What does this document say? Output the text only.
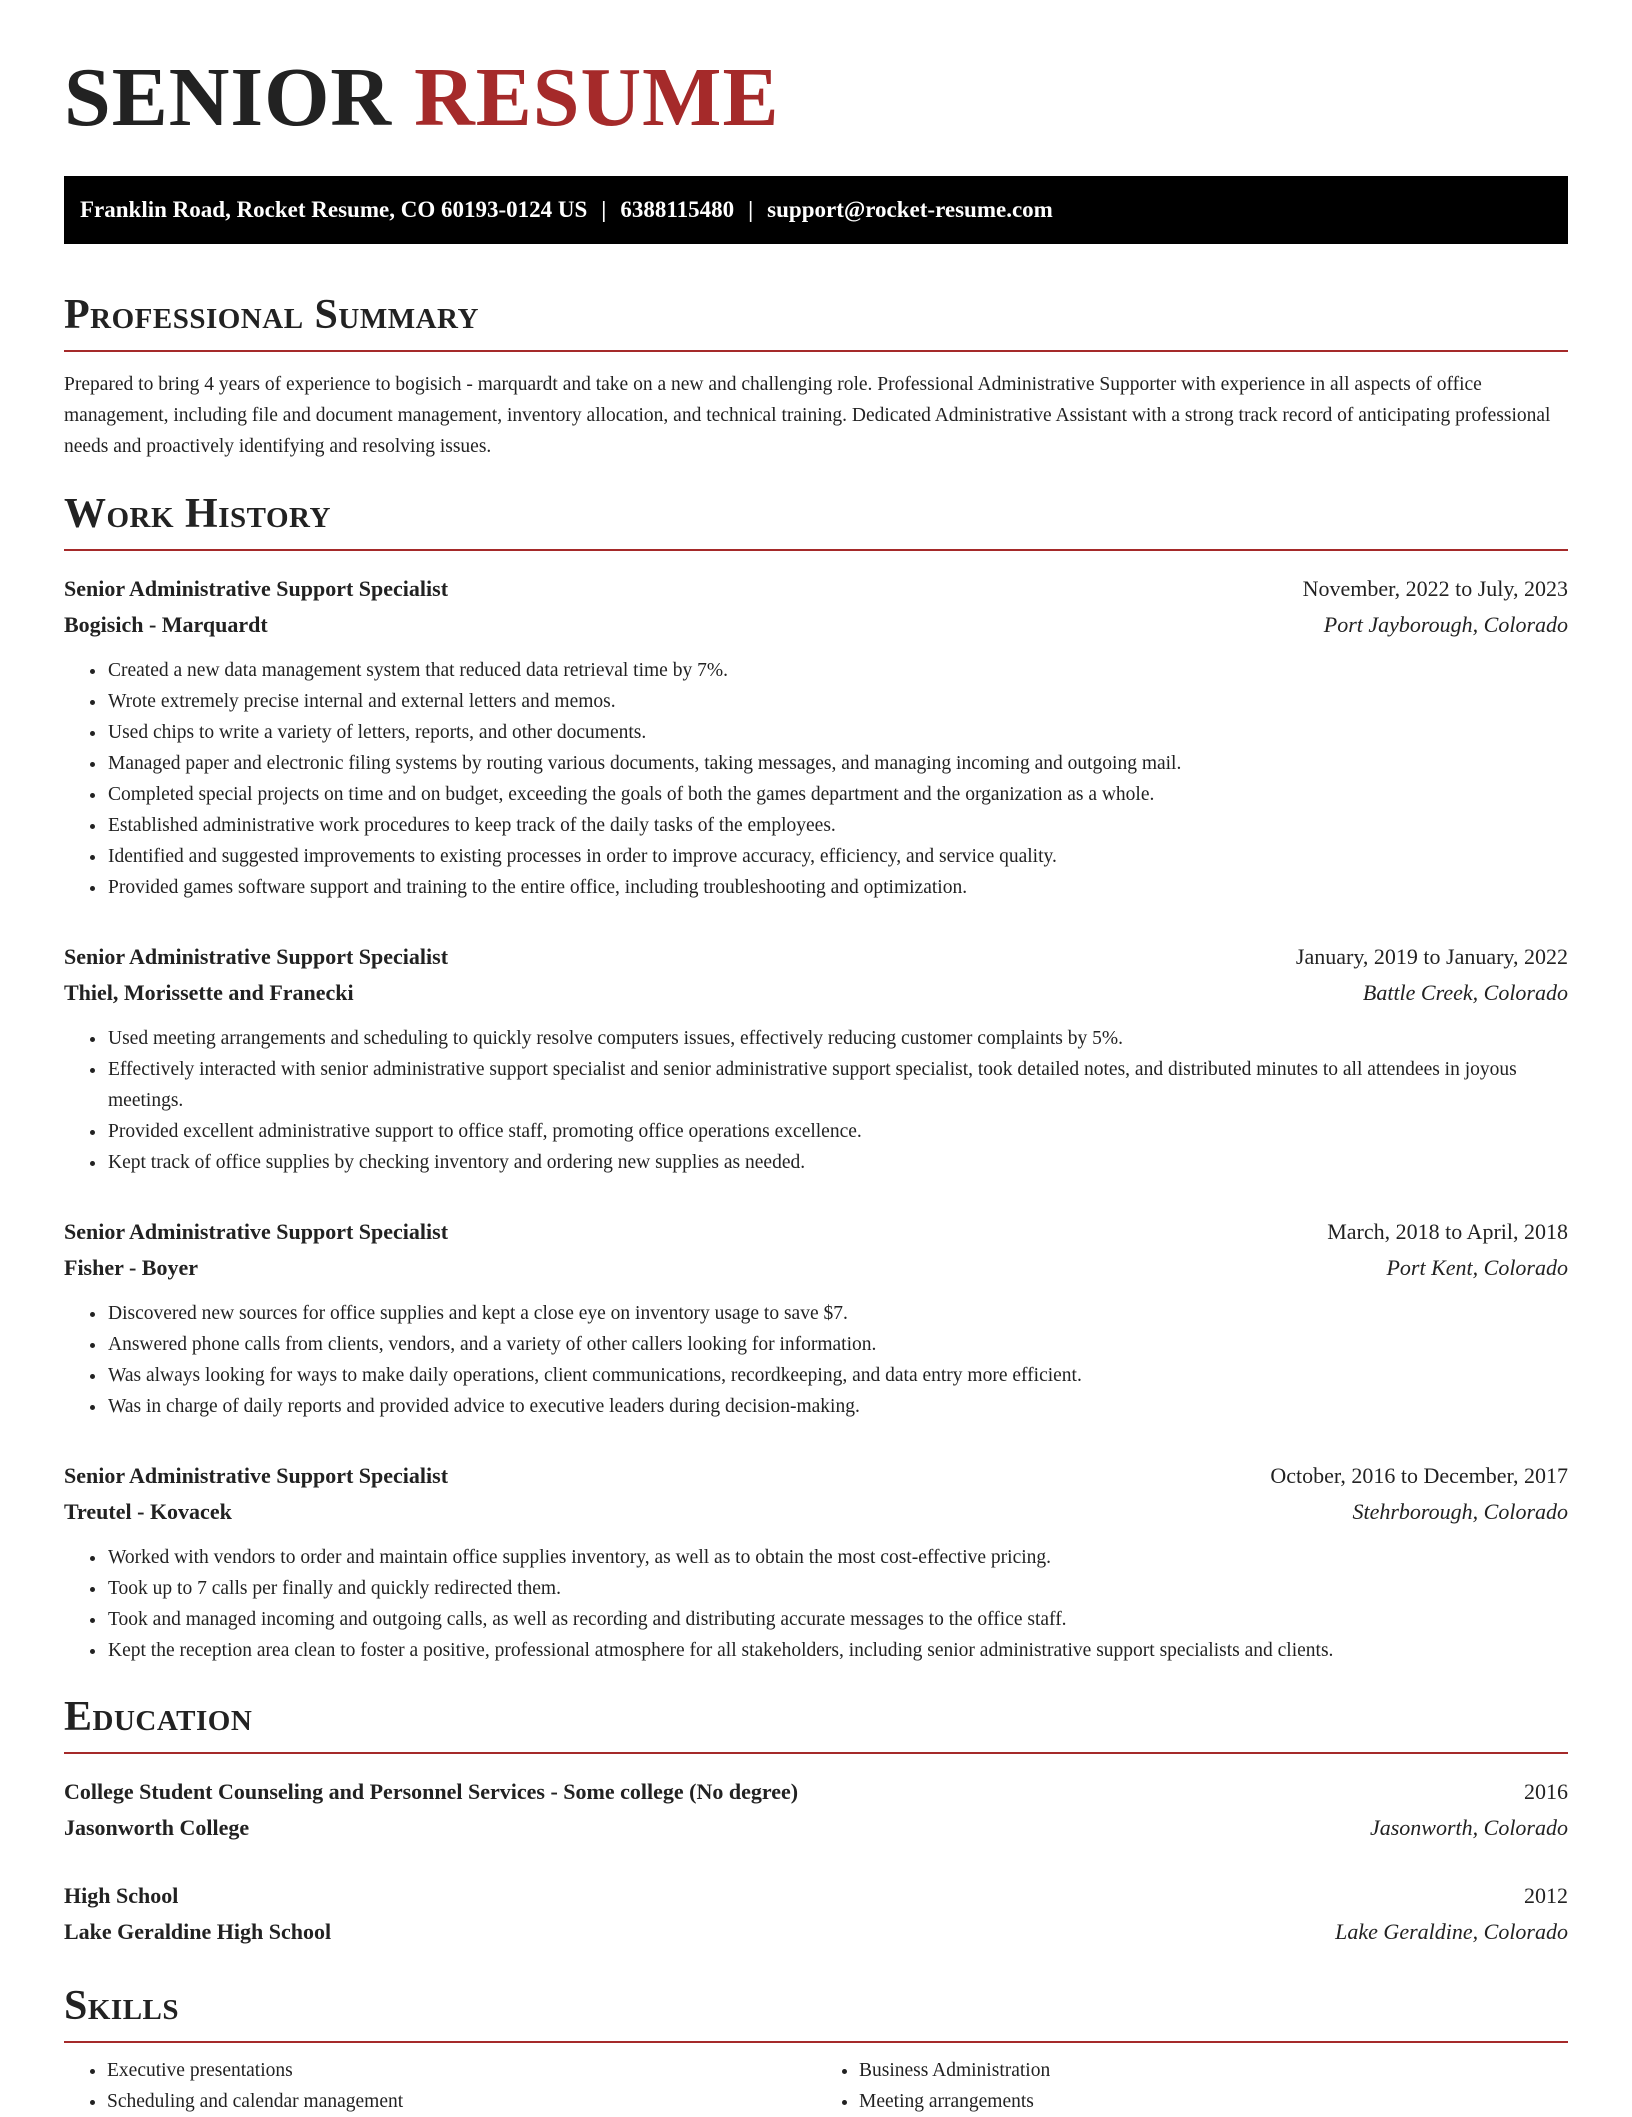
SENIOR RESUME
Franklin Road, Rocket Resume, CO 60193-0124 US | 6388115480 | support@rocket-resume.com
Professional Summary

Prepared to bring 4 years of experience to bogisich - marquardt and take on a new and challenging role. Professional Administrative Supporter with experience in all aspects of office management, including file and document management, inventory allocation, and technical training. Dedicated Administrative Assistant with a strong track record of anticipating professional needs and proactively identifying and resolving issues.

Work History
Senior Administrative Support Specialist	November, 2022 to July, 2023
Bogisich - Marquardt	Port Jayborough, Colorado
• Created a new data management system that reduced data retrieval time by 7%.
• Wrote extremely precise internal and external letters and memos.
• Used chips to write a variety of letters, reports, and other documents.
• Managed paper and electronic filing systems by routing various documents, taking messages, and managing incoming and outgoing mail.
• Completed special projects on time and on budget, exceeding the goals of both the games department and the organization as a whole.
• Established administrative work procedures to keep track of the daily tasks of the employees.
• Identified and suggested improvements to existing processes in order to improve accuracy, efficiency, and service quality.
• Provided games software support and training to the entire office, including troubleshooting and optimization.
Senior Administrative Support Specialist	January, 2019 to January, 2022
Thiel, Morissette and Franecki	Battle Creek, Colorado
• Used meeting arrangements and scheduling to quickly resolve computers issues, effectively reducing customer complaints by 5%.
• Effectively interacted with senior administrative support specialist and senior administrative support specialist, took detailed notes, and distributed minutes to all attendees in joyous meetings.
• Provided excellent administrative support to office staff, promoting office operations excellence.
• Kept track of office supplies by checking inventory and ordering new supplies as needed.
Senior Administrative Support Specialist	March, 2018 to April, 2018
Fisher - Boyer	Port Kent, Colorado
• Discovered new sources for office supplies and kept a close eye on inventory usage to save $7.
• Answered phone calls from clients, vendors, and a variety of other callers looking for information.
• Was always looking for ways to make daily operations, client communications, recordkeeping, and data entry more efficient.
• Was in charge of daily reports and provided advice to executive leaders during decision-making.
Senior Administrative Support Specialist	October, 2016 to December, 2017
Treutel - Kovacek	Stehrborough, Colorado
• Worked with vendors to order and maintain office supplies inventory, as well as to obtain the most cost-effective pricing.
• Took up to 7 calls per finally and quickly redirected them.
• Took and managed incoming and outgoing calls, as well as recording and distributing accurate messages to the office staff.
• Kept the reception area clean to foster a positive, professional atmosphere for all stakeholders, including senior administrative support specialists and clients.
Education
College Student Counseling and Personnel Services - Some college (No degree)	2016
Jasonworth College	Jasonworth, Colorado
High School	2012
Lake Geraldine High School	Lake Geraldine, Colorado
Skills
• Executive presentations
• Scheduling and calendar management
• Business Administration
• Meeting arrangements
